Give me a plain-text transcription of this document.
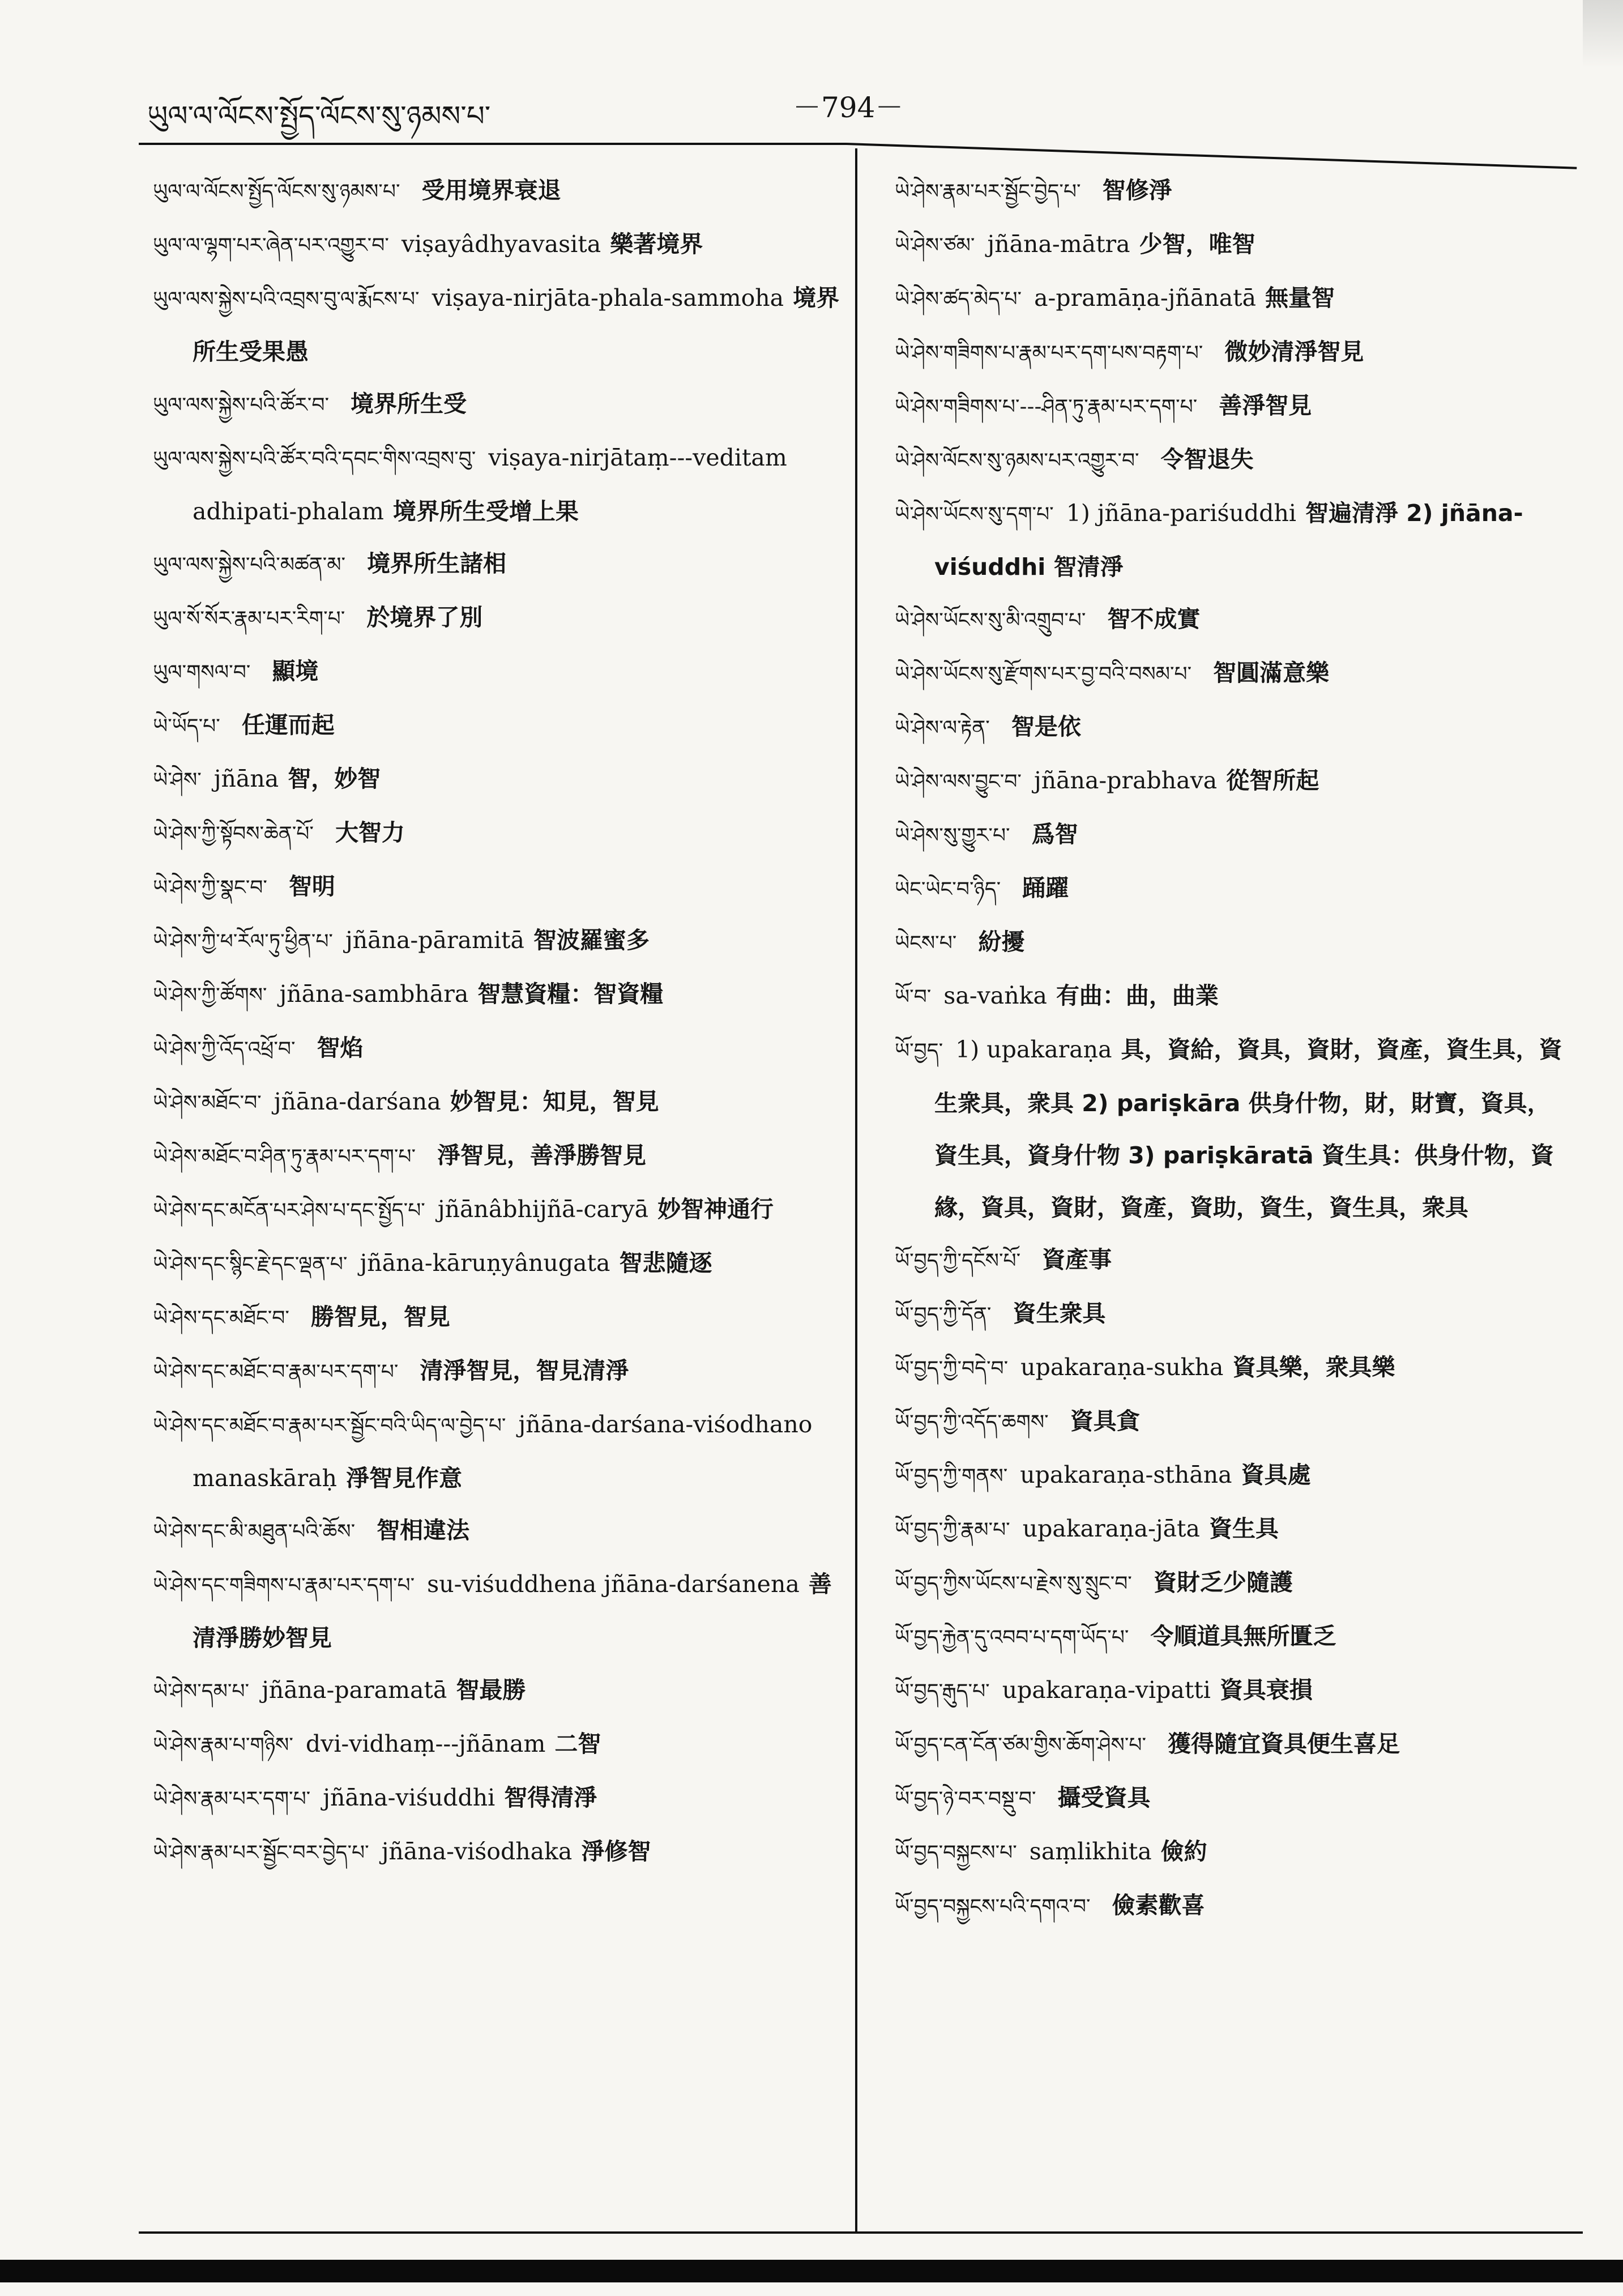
ཡུལ་ལ་ལོངས་སྤྱོད་ལོངས་སུ་ཉམས་པ་	－794－

ཡུལ་ལ་ལོངས་སྤྱོད་ལོངས་སུ་ཉམས་པ་ 受用境界衰退

ཡུལ་ལ་ལྷག་པར་ཞེན་པར་འགྱུར་བ་ viṣayâdhyavasita 樂著境界

ཡུལ་ལས་སྐྱེས་པའི་འབྲས་བུ་ལ་རྨོངས་པ་ viṣaya-nirjāta-phala-sammoha 境界所生受果愚

ཡུལ་ལས་སྐྱེས་པའི་ཚོར་བ་ 境界所生受

ཡུལ་ལས་སྐྱེས་པའི་ཚོར་བའི་དབང་གིས་འབྲས་བུ་ viṣaya-nirjātaṃ---veditam adhipati-phalam 境界所生受增上果

ཡུལ་ལས་སྐྱེས་པའི་མཚན་མ་ 境界所生諸相

ཡུལ་སོ་སོར་རྣམ་པར་རིག་པ་ 於境界了別

ཡུལ་གསལ་བ་ 顯境

ཡེ་ཡོད་པ་ 任運而起

ཡེ་ཤེས་ jñāna 智，妙智

ཡེ་ཤེས་ཀྱི་སྟོབས་ཆེན་པོ་ 大智力

ཡེ་ཤེས་ཀྱི་སྣང་བ་ 智明

ཡེ་ཤེས་ཀྱི་ཕ་རོལ་ཏུ་ཕྱིན་པ་ jñāna-pāramitā 智波羅蜜多

ཡེ་ཤེས་ཀྱི་ཚོགས་ jñāna-sambhāra 智慧資糧：智資糧

ཡེ་ཤེས་ཀྱི་འོད་འཕྲོ་བ་ 智焰

ཡེ་ཤེས་མཐོང་བ་ jñāna-darśana 妙智見：知見，智見

ཡེ་ཤེས་མཐོང་བ་ཤིན་ཏུ་རྣམ་པར་དག་པ་ 淨智見，善淨勝智見

ཡེ་ཤེས་དང་མངོན་པར་ཤེས་པ་དང་སྤྱོད་པ་ jñānâbhijñā-caryā 妙智神通行

ཡེ་ཤེས་དང་སྙིང་རྗེ་དང་ལྡན་པ་ jñāna-kāruṇyânugata 智悲隨逐

ཡེ་ཤེས་དང་མཐོང་བ་ 勝智見，智見

ཡེ་ཤེས་དང་མཐོང་བ་རྣམ་པར་དག་པ་ 清淨智見，智見清淨

ཡེ་ཤེས་དང་མཐོང་བ་རྣམ་པར་སྦྱོང་བའི་ཡིད་ལ་བྱེད་པ་ jñāna-darśana-viśodhano manaskāraḥ 淨智見作意

ཡེ་ཤེས་དང་མི་མཐུན་པའི་ཆོས་ 智相違法

ཡེ་ཤེས་དང་གཟིགས་པ་རྣམ་པར་དག་པ་ su-viśuddhena jñāna-darśanena 善清淨勝妙智見

ཡེ་ཤེས་དམ་པ་ jñāna-paramatā 智最勝

ཡེ་ཤེས་རྣམ་པ་གཉིས་ dvi-vidhaṃ---jñānam 二智

ཡེ་ཤེས་རྣམ་པར་དག་པ་ jñāna-viśuddhi 智得清淨

ཡེ་ཤེས་རྣམ་པར་སྦྱོང་བར་བྱེད་པ་ jñāna-viśodhaka 淨修智

ཡེ་ཤེས་རྣམ་པར་སྦྱོང་བྱེད་པ་ 智修淨

ཡེ་ཤེས་ཙམ་ jñāna-mātra 少智，唯智

ཡེ་ཤེས་ཚད་མེད་པ་ a-pramāṇa-jñānatā 無量智

ཡེ་ཤེས་གཟིགས་པ་རྣམ་པར་དག་པས་བརྟག་པ་ 微妙清淨智見

ཡེ་ཤེས་གཟིགས་པ་---ཤིན་ཏུ་རྣམ་པར་དག་པ་ 善淨智見

ཡེ་ཤེས་ལོངས་སུ་ཉམས་པར་འགྱུར་བ་ 令智退失

ཡེ་ཤེས་ཡོངས་སུ་དག་པ་ 1) jñāna-pariśuddhi 智遍清淨 2) jñāna-viśuddhi 智清淨

ཡེ་ཤེས་ཡོངས་སུ་མི་འགྲུབ་པ་ 智不成實

ཡེ་ཤེས་ཡོངས་སུ་རྫོགས་པར་བྱ་བའི་བསམ་པ་ 智圓滿意樂

ཡེ་ཤེས་ལ་རྟེན་ 智是依

ཡེ་ཤེས་ལས་བྱུང་བ་ jñāna-prabhava 從智所起

ཡེ་ཤེས་སུ་གྱུར་པ་ 爲智

ཡེང་ཡེང་བ་ཉིད་ 踊躍

ཡེངས་པ་ 紛擾

ཡོ་བ་ sa-vaṅka 有曲：曲，曲業

ཡོ་བྱད་ 1) upakaraṇa 具，資給，資具，資財，資產，資生具，資生衆具，衆具 2) pariṣkāra 供身什物，財，財寶，資具，資生具，資身什物 3) pariṣkāratā 資生具：供身什物，資緣，資具，資財，資產，資助，資生，資生具，衆具

ཡོ་བྱད་ཀྱི་དངོས་པོ་ 資產事

ཡོ་བྱད་ཀྱི་དོན་ 資生衆具

ཡོ་བྱད་ཀྱི་བདེ་བ་ upakaraṇa-sukha 資具樂，衆具樂

ཡོ་བྱད་ཀྱི་འདོད་ཆགས་ 資具貪

ཡོ་བྱད་ཀྱི་གནས་ upakaraṇa-sthāna 資具處

ཡོ་བྱད་ཀྱི་རྣམ་པ་ upakaraṇa-jāta 資生具

ཡོ་བྱད་ཀྱིས་ཡོངས་པ་རྗེས་སུ་སྲུང་བ་ 資財乏少隨護

ཡོ་བྱད་རྐྱེན་དུ་འབབ་པ་དག་ཡོད་པ་ 令順道具無所匱乏

ཡོ་བྱད་རྒུད་པ་ upakaraṇa-vipatti 資具衰損

ཡོ་བྱད་ངན་ངོན་ཙམ་གྱིས་ཆོག་ཤེས་པ་ 獲得隨宜資具便生喜足

ཡོ་བྱད་ཉེ་བར་བསྡུ་བ་ 攝受資具

ཡོ་བྱད་བསྐྱངས་པ་ saṃlikhita 儉約

ཡོ་བྱད་བསྐྱངས་པའི་དགའ་བ་ 儉素歡喜
